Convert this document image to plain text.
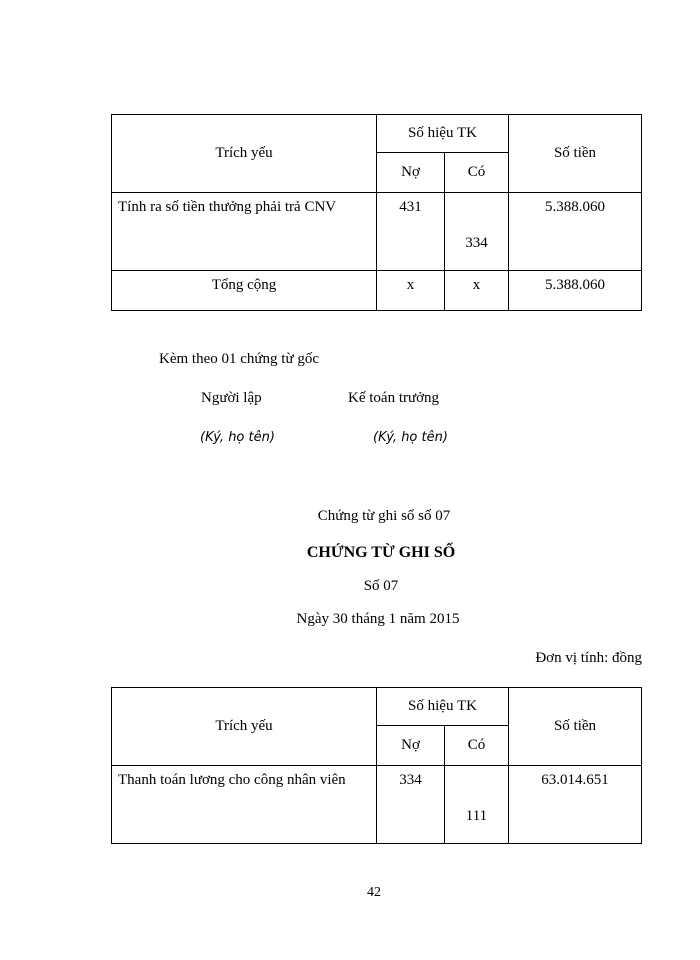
Trích yếu	Số hiệu TK		Số tiền
	Nợ	Có	
Tính ra số tiền thưởng phải trả CNV	431	334	5.388.060
Tổng cộng	x	x	5.388.060
Kèm theo 01 chứng từ gốc
Người lập	Kế toán trưởng
(Ký, họ tên)	(Ký, họ tên)
Chứng từ ghi sổ số 07
CHỨNG TỪ GHI SỔ
Số 07
Ngày 30 tháng 1 năm 2015
Đơn vị tính: đồng
Trích yếu	Số hiệu TK		Số tiền
	Nợ	Có	
Thanh toán lương cho công nhân viên	334	111	63.014.651
42
